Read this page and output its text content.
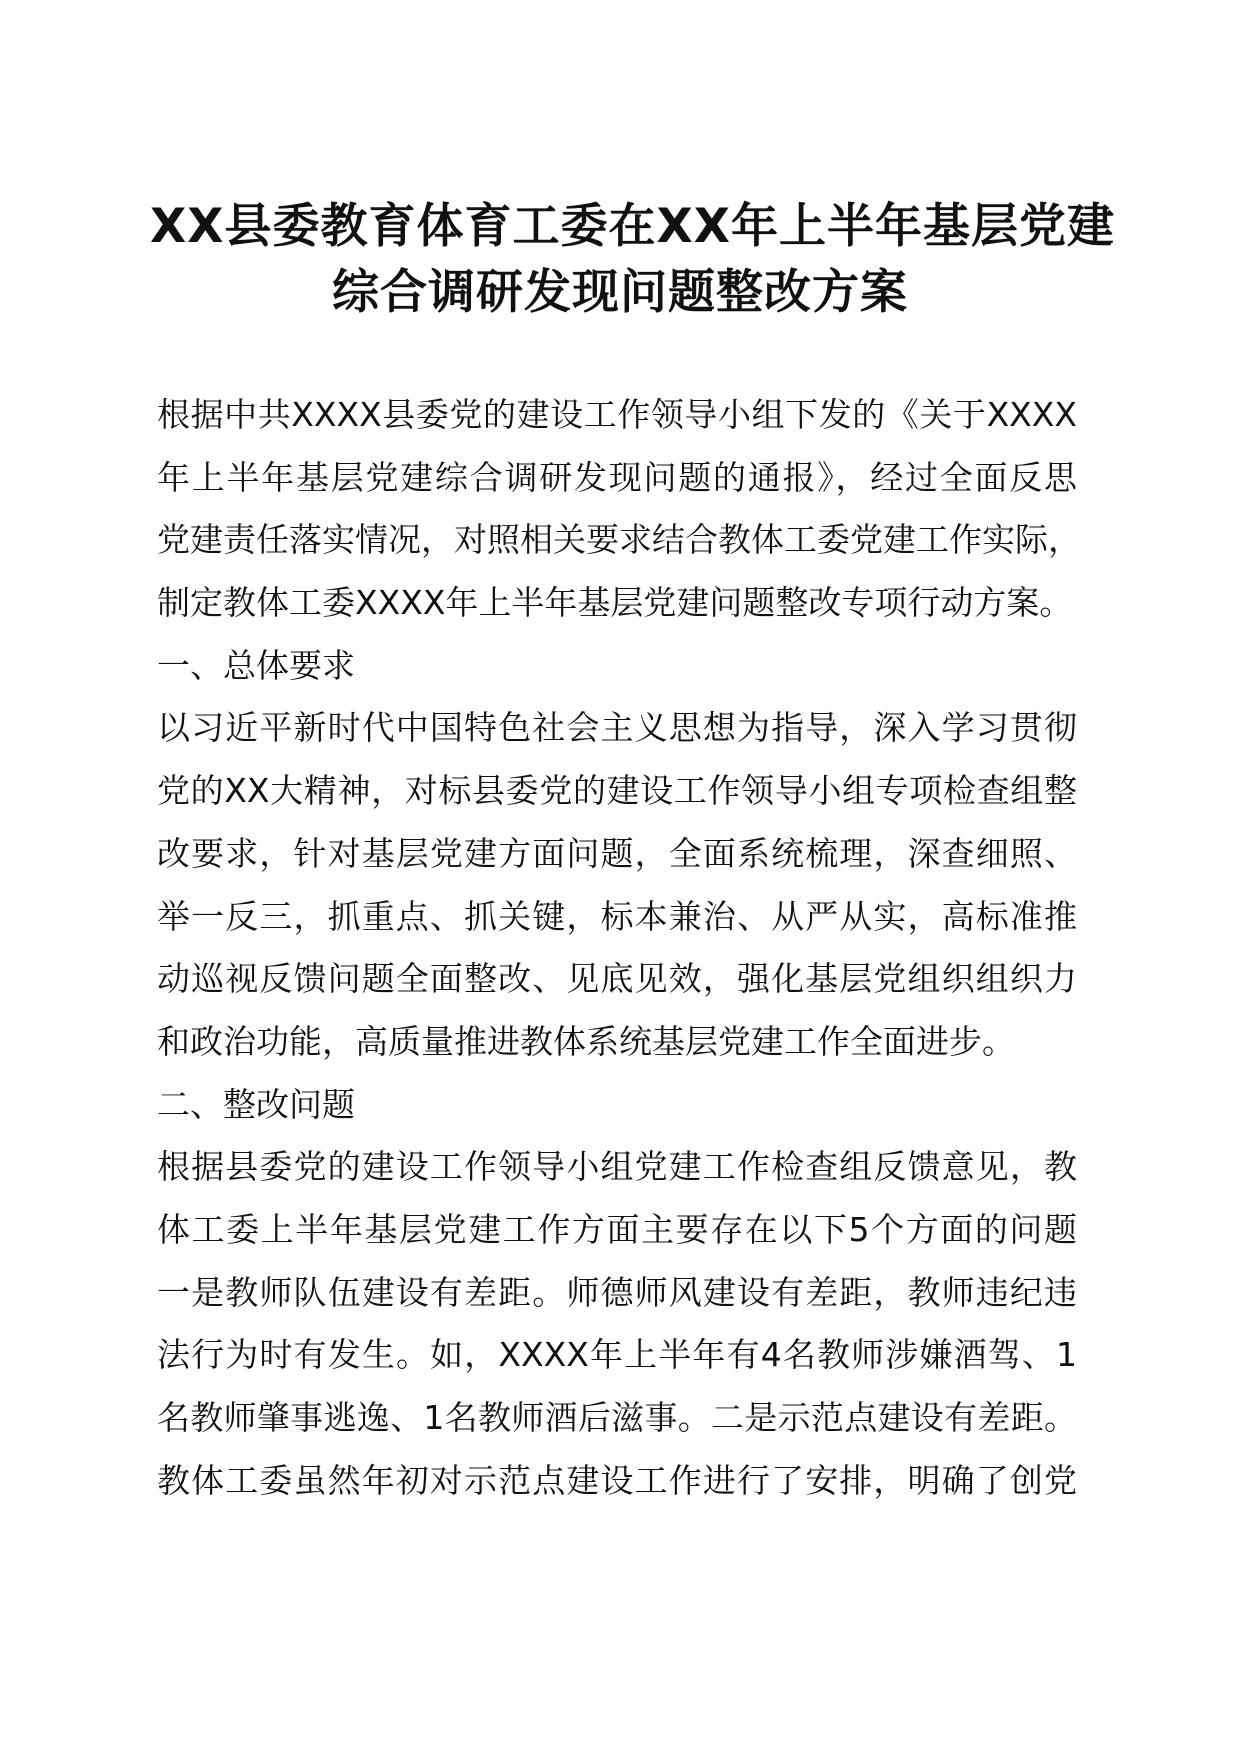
XX县委教育体育工委在XX年上半年基层党建

综合调研发现问题整改方案

根据中共XXXX县委党的建设工作领导小组下发的《关于XXXX

年上半年基层党建综合调研发现问题的通报》，经过全面反思

党建责任落实情况，对照相关要求结合教体工委党建工作实际，

制定教体工委XXXX年上半年基层党建问题整改专项行动方案。

一、总体要求

以习近平新时代中国特色社会主义思想为指导，深入学习贯彻

党的XX大精神，对标县委党的建设工作领导小组专项检查组整

改要求，针对基层党建方面问题，全面系统梳理，深查细照、

举一反三，抓重点、抓关键，标本兼治、从严从实，高标准推

动巡视反馈问题全面整改、见底见效，强化基层党组织组织力

和政治功能，高质量推进教体系统基层党建工作全面进步。

二、整改问题

根据县委党的建设工作领导小组党建工作检查组反馈意见，教

体工委上半年基层党建工作方面主要存在以下5个方面的问题

一是教师队伍建设有差距。师德师风建设有差距，教师违纪违

法行为时有发生。如，XXXX年上半年有4名教师涉嫌酒驾、1

名教师肇事逃逸、1名教师酒后滋事。二是示范点建设有差距。

教体工委虽然年初对示范点建设工作进行了安排，明确了创党
